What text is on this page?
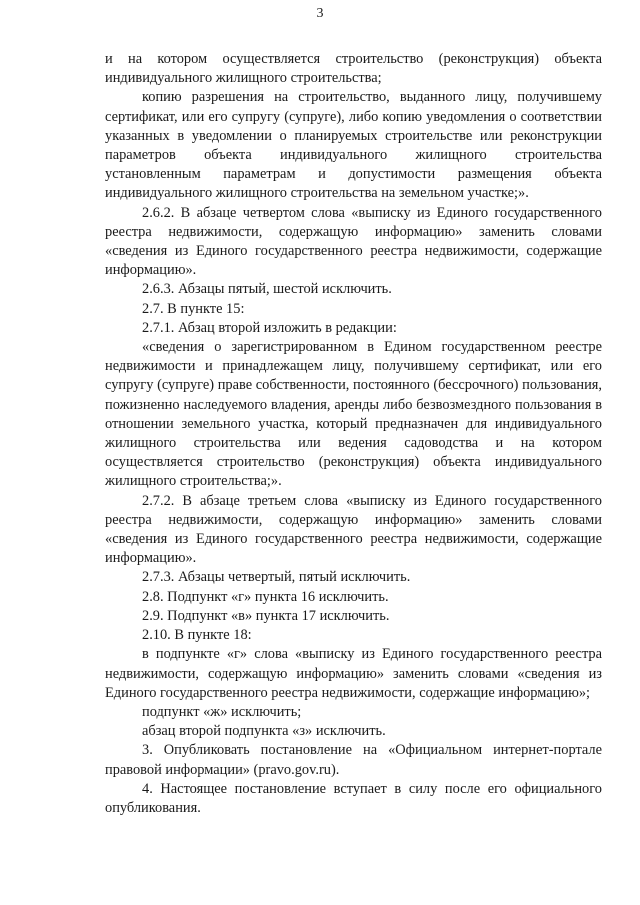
3

и на котором осуществляется строительство (реконструкция) объекта индивидуального жилищного строительства;

копию разрешения на строительство, выданного лицу, получившему сертификат, или его супругу (супруге), либо копию уведомления о соответствии указанных в уведомлении о планируемых строительстве или реконструкции параметров объекта индивидуального жилищного строительства установленным параметрам и допустимости размещения объекта индивидуального жилищного строительства на земельном участке;».

2.6.2. В абзаце четвертом слова «выписку из Единого государственного реестра недвижимости, содержащую информацию» заменить словами «сведения из Единого государственного реестра недвижимости, содержащие информацию».

2.6.3. Абзацы пятый, шестой исключить.

2.7. В пункте 15:

2.7.1. Абзац второй изложить в редакции:

«сведения о зарегистрированном в Едином государственном реестре недвижимости и принадлежащем лицу, получившему сертификат, или его супругу (супруге) праве собственности, постоянного (бессрочного) пользования, пожизненно наследуемого владения, аренды либо безвозмездного пользования в отношении земельного участка, который предназначен для индивидуального жилищного строительства или ведения садоводства и на котором осуществляется строительство (реконструкция) объекта индивидуального жилищного строительства;».

2.7.2. В абзаце третьем слова «выписку из Единого государственного реестра недвижимости, содержащую информацию» заменить словами «сведения из Единого государственного реестра недвижимости, содержащие информацию».

2.7.3. Абзацы четвертый, пятый исключить.

2.8. Подпункт «г» пункта 16 исключить.

2.9. Подпункт «в» пункта 17 исключить.

2.10. В пункте 18:

в подпункте «г» слова «выписку из Единого государственного реестра недвижимости, содержащую информацию» заменить словами «сведения из Единого государственного реестра недвижимости, содержащие информацию»;

подпункт «ж» исключить;

абзац второй подпункта «з» исключить.

3. Опубликовать постановление на «Официальном интернет-портале правовой информации» (pravo.gov.ru).

4. Настоящее постановление вступает в силу после его официального опубликования.
